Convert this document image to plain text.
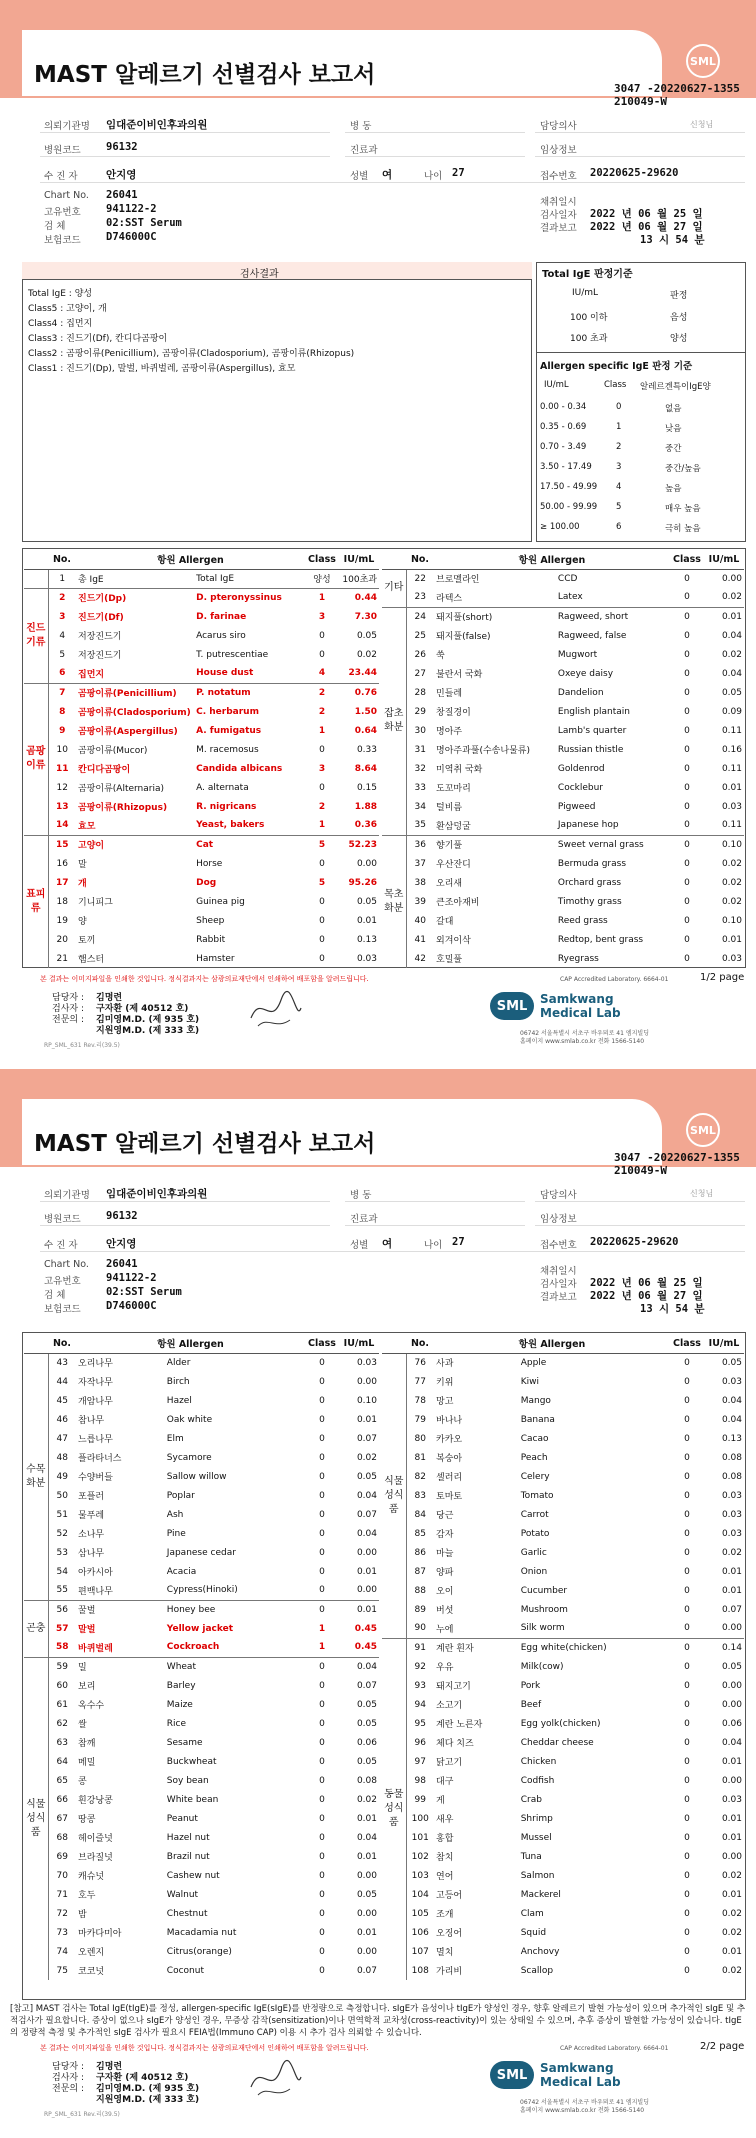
MAST 알레르기 선별검사 보고서
SML
3047 -20220627-1355
210049-W
의뢰기관명 임대준이비인후과의원
병원코드 96132
수 진 자	안지영
Chart No. 26041
고유번호 941122-2
검 체	02:SST Serum
보험코드 D746000C
병 동
진료과
성별 여	나이 27
담당의사	신청님
임상정보
접수번호 20220625-29620
채취일시
검사일자 2022 년 06 월 25 일
결과보고 2022 년 06 월 27 일
13 시 54 분
검사결과
Total IgE : 양성
Class5 : 고양이, 개
Class4 : 집먼지
Class3 : 진드기(Df), 칸디다곰팡이
Class2 : 곰팡이류(Penicillium), 곰팡이류(Cladosporium), 곰팡이류(Rhizopus)
Class1 : 진드기(Dp), 말벌, 바퀴벌레, 곰팡이류(Aspergillus), 효모
Total IgE 판정기준
IU/mL	판정
100 이하	음성
100 초과	양성
Allergen specific IgE 판정 기준
IU/mL	Class 알레르겐특이IgE양
0.00 - 0.34	0	없음
0.35 - 0.69	1	낮음
0.70 - 3.49	2	중간
3.50 - 17.49	3	중간/높음
17.50 - 49.99 4	높음
50.00 - 99.99 5	매우 높음
≥ 100.00	6	극히 높음
	No.	항원 Allergen		Class	IU/mL
	1	총 IgE	Total IgE	양성	100초과
진드기류	2	진드기(Dp)	D. pteronyssinus	1	0.44
	3	진드기(Df)	D. farinae	3	7.30
	4	저장진드기	Acarus siro	0	0.05
	5	저장진드기	T. putrescentiae	0	0.02
	6	집먼지	House dust	4	23.44
곰팡이류	7	곰팡이류(Penicillium)	P. notatum	2	0.76
	8	곰팡이류(Cladosporium)	C. herbarum	2	1.50
	9	곰팡이류(Aspergillus)	A. fumigatus	1	0.64
	10	곰팡이류(Mucor)	M. racemosus	0	0.33
	11	칸디다곰팡이	Candida albicans	3	8.64
	12	곰팡이류(Alternaria)	A. alternata	0	0.15
	13	곰팡이류(Rhizopus)	R. nigricans	2	1.88
	14	효모	Yeast, bakers	1	0.36
표피류	15	고양이	Cat	5	52.23
	16	말	Horse	0	0.00
	17	개	Dog	5	95.26
	18	기니피그	Guinea pig	0	0.05
	19	양	Sheep	0	0.01
	20	토끼	Rabbit	0	0.13
	21	햄스터	Hamster	0	0.03
	No.	항원 Allergen		Class	IU/mL
기타	22	브로멜라인	CCD	0	0.00
	23	라텍스	Latex	0	0.02
잡초화분	24	돼지풀(short)	Ragweed, short	0	0.01
	25	돼지풀(false)	Ragweed, false	0	0.04
	26	쑥	Mugwort	0	0.02
	27	불란서 국화	Oxeye daisy	0	0.04
	28	민들레	Dandelion	0	0.05
	29	창질경이	English plantain	0	0.09
	30	명아주	Lamb's quarter	0	0.11
	31	명아주과풀(수송나물류)	Russian thistle	0	0.16
	32	미역취 국화	Goldenrod	0	0.11
	33	도꼬마리	Cocklebur	0	0.01
	34	털비름	Pigweed	0	0.03
	35	환삼덩굴	Japanese hop	0	0.11
목초화분	36	향기풀	Sweet vernal grass	0	0.10
	37	우산잔디	Bermuda grass	0	0.02
	38	오리새	Orchard grass	0	0.02
	39	큰조아재비	Timothy grass	0	0.02
	40	갈대	Reed grass	0	0.10
	41	외겨이삭	Redtop, bent grass	0	0.01
	42	호밀풀	Ryegrass	0	0.03
본 결과는 이미지파일을 인쇄한 것입니다. 정식결과지는 삼광의료재단에서 인쇄하여 배포함을 알려드립니다.	CAP Accredited Laboratory. 6664-01	1/2 page
담당자 : 김명련
검사자 : 구자환 (제 40512 호)
전문의 : 김미영M.D. (제 935 호)
지원영M.D. (제 333 호)
RP_SML_631 Rev.리(39.5)
SML	Samkwang
Medical Lab
06742 서울특별시 서초구 바우뫼로 41 엠지빌딩
홈페이지 www.smlab.co.kr 전화 1566-5140
MAST 알레르기 선별검사 보고서
SML
3047 -20220627-1355
210049-W
의뢰기관명 임대준이비인후과의원
병원코드 96132
수 진 자	안지영
Chart No. 26041
고유번호 941122-2
검 체	02:SST Serum
보험코드 D746000C
병 동
진료과
성별 여	나이 27
담당의사	신청님
임상정보
접수번호 20220625-29620
채취일시
검사일자 2022 년 06 월 25 일
결과보고 2022 년 06 월 27 일
13 시 54 분
	No.	항원 Allergen		Class	IU/mL
수목화분	43	오리나무	Alder	0	0.03
	44	자작나무	Birch	0	0.00
	45	개암나무	Hazel	0	0.10
	46	참나무	Oak white	0	0.01
	47	느릅나무	Elm	0	0.07
	48	플라타너스	Sycamore	0	0.02
	49	수양버들	Sallow willow	0	0.05
	50	포플러	Poplar	0	0.04
	51	물푸레	Ash	0	0.07
	52	소나무	Pine	0	0.04
	53	삼나무	Japanese cedar	0	0.00
	54	아카시아	Acacia	0	0.01
	55	편백나무	Cypress(Hinoki)	0	0.00
곤충	56	꿀벌	Honey bee	0	0.01
	57	말벌	Yellow jacket	1	0.45
	58	바퀴벌레	Cockroach	1	0.45
식물성식품	59	밀	Wheat	0	0.04
	60	보리	Barley	0	0.07
	61	옥수수	Maize	0	0.05
	62	쌀	Rice	0	0.05
	63	참깨	Sesame	0	0.06
	64	메밀	Buckwheat	0	0.05
	65	콩	Soy bean	0	0.08
	66	흰강낭콩	White bean	0	0.02
	67	땅콩	Peanut	0	0.01
	68	헤이즐넛	Hazel nut	0	0.04
	69	브라질넛	Brazil nut	0	0.01
	70	캐슈넛	Cashew nut	0	0.00
	71	호두	Walnut	0	0.05
	72	밤	Chestnut	0	0.00
	73	마카다미아	Macadamia nut	0	0.01
	74	오렌지	Citrus(orange)	0	0.00
	75	코코넛	Coconut	0	0.07
	No.	항원 Allergen		Class	IU/mL
식물성식품	76	사과	Apple	0	0.05
	77	키위	Kiwi	0	0.03
	78	망고	Mango	0	0.04
	79	바나나	Banana	0	0.04
	80	카카오	Cacao	0	0.13
	81	복숭아	Peach	0	0.08
	82	셀러리	Celery	0	0.08
	83	토마토	Tomato	0	0.03
	84	당근	Carrot	0	0.03
	85	감자	Potato	0	0.03
	86	마늘	Garlic	0	0.02
	87	양파	Onion	0	0.01
	88	오이	Cucumber	0	0.01
	89	버섯	Mushroom	0	0.07
	90	누에	Silk worm	0	0.00
동물성식품	91	계란 흰자	Egg white(chicken)	0	0.14
	92	우유	Milk(cow)	0	0.05
	93	돼지고기	Pork	0	0.00
	94	소고기	Beef	0	0.00
	95	계란 노른자	Egg yolk(chicken)	0	0.06
	96	체다 치즈	Cheddar cheese	0	0.04
	97	닭고기	Chicken	0	0.01
	98	대구	Codfish	0	0.00
	99	게	Crab	0	0.03
	100	새우	Shrimp	0	0.01
	101	홍합	Mussel	0	0.01
	102	참치	Tuna	0	0.00
	103	연어	Salmon	0	0.02
	104	고등어	Mackerel	0	0.01
	105	조개	Clam	0	0.02
	106	오징어	Squid	0	0.02
	107	멸치	Anchovy	0	0.01
	108	가리비	Scallop	0	0.02
[참고] MAST 검사는 Total IgE(tIgE)를 정성, allergen-specific IgE(sIgE)를 반정량으로 측정합니다. sIgE가 음성이나 tIgE가 양성인 경우, 향후 알레르기 발현 가능성이 있으며 추가적인 sIgE 및 추적검사가 필요합니다. 증상이 없으나 sIgE가 양성인 경우, 무증상 감작(sensitization)이나 면역학적 교차성(cross-reactivity)이 있는 상태일 수 있으며, 추후 증상이 발현할 가능성이 있습니다. tIgE의 정량적 측정 및 추가적인 sIgE 검사가 필요시 FEIA법(Immuno CAP) 이용 시 추가 검사 의뢰할 수 있습니다.
본 결과는 이미지파일을 인쇄한 것입니다. 정식결과지는 삼광의료재단에서 인쇄하여 배포함을 알려드립니다.	CAP Accredited Laboratory. 6664-01	2/2 page
담당자 : 김명련
검사자 : 구자환 (제 40512 호)
전문의 : 김미영M.D. (제 935 호)
지원영M.D. (제 333 호)
RP_SML_631 Rev.리(39.5)
SML	Samkwang
Medical Lab
06742 서울특별시 서초구 바우뫼로 41 엠지빌딩
홈페이지 www.smlab.co.kr 전화 1566-5140
